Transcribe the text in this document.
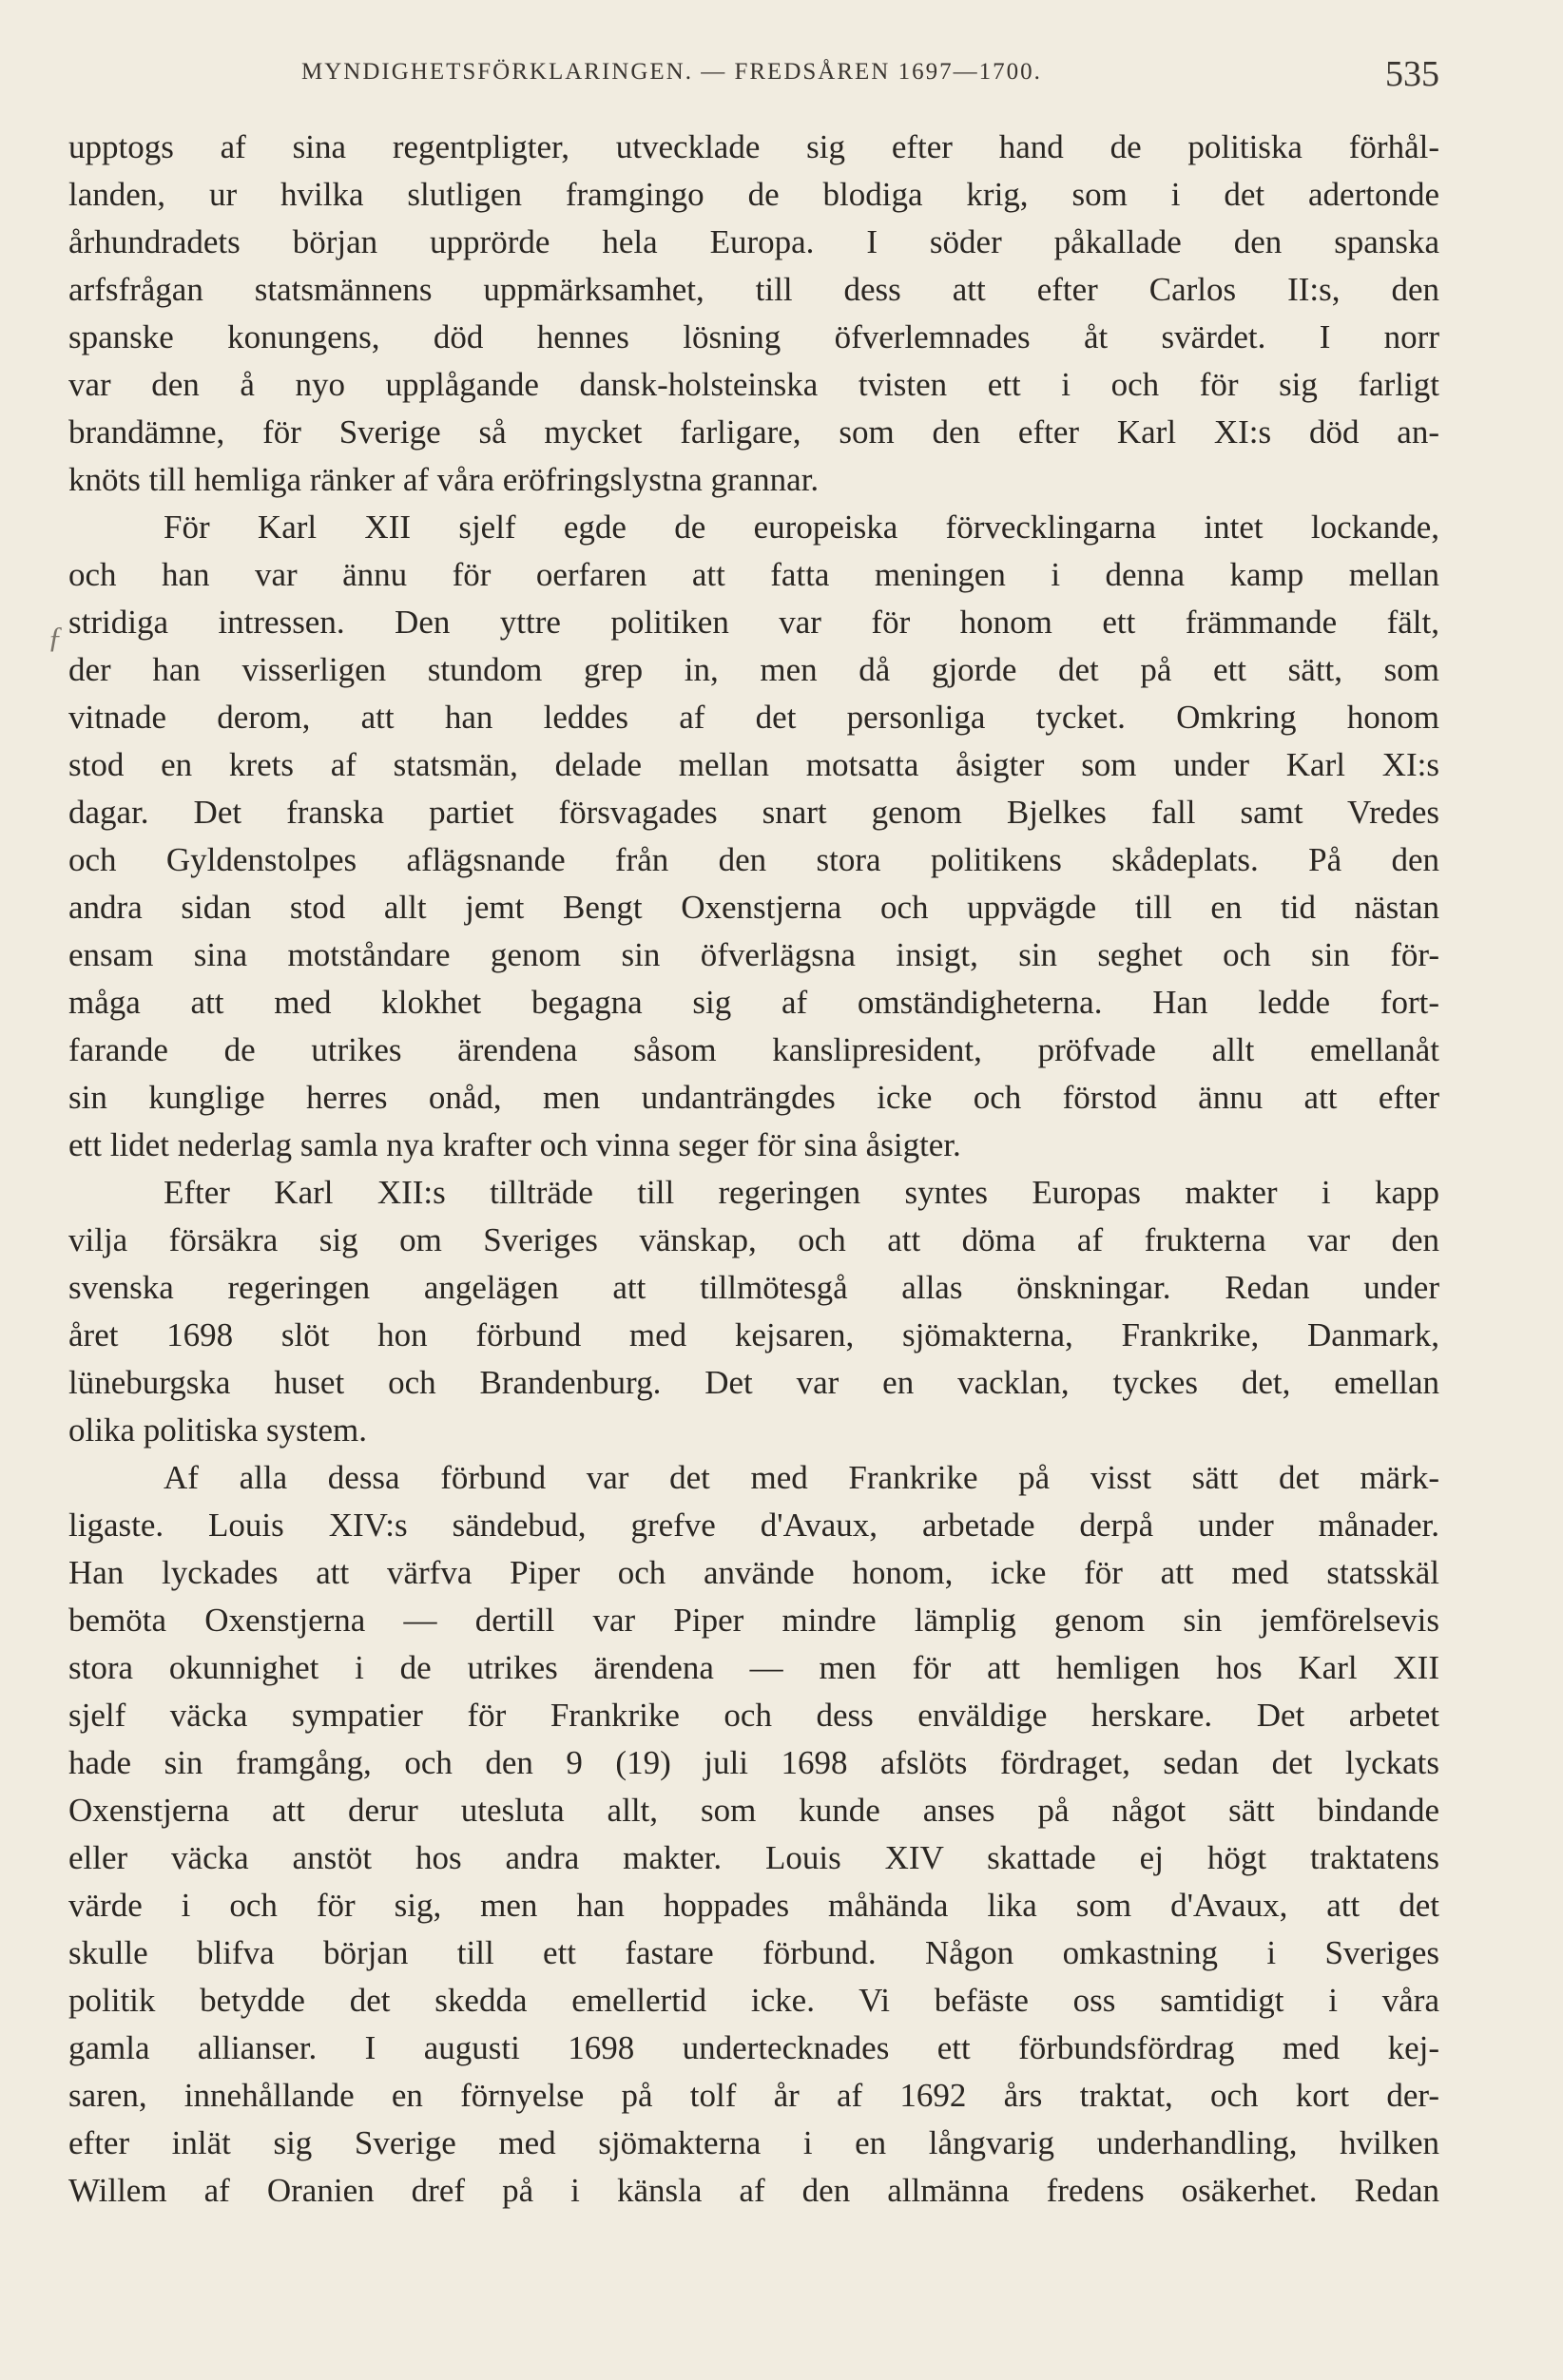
MYNDIGHETSFÖRKLARINGEN. — FREDSÅREN 1697—1700.	535
ƒ
upptogs af sina regentpligter, utvecklade sig efter hand de politiska förhål-
landen, ur hvilka slutligen framgingo de blodiga krig, som i det adertonde
århundradets början upprörde hela Europa. I söder påkallade den spanska
arfsfrågan statsmännens uppmärksamhet, till dess att efter Carlos II:s, den
spanske konungens, död hennes lösning öfverlemnades åt svärdet. I norr
var den å nyo upplågande dansk-holsteinska tvisten ett i och för sig farligt
brandämne, för Sverige så mycket farligare, som den efter Karl XI:s död an-
knöts till hemliga ränker af våra eröfringslystna grannar.
För Karl XII sjelf egde de europeiska förvecklingarna intet lockande,
och han var ännu för oerfaren att fatta meningen i denna kamp mellan
stridiga intressen. Den yttre politiken var för honom ett främmande fält,
der han visserligen stundom grep in, men då gjorde det på ett sätt, som
vitnade derom, att han leddes af det personliga tycket. Omkring honom
stod en krets af statsmän, delade mellan motsatta åsigter som under Karl XI:s
dagar. Det franska partiet försvagades snart genom Bjelkes fall samt Vredes
och Gyldenstolpes aflägsnande från den stora politikens skådeplats. På den
andra sidan stod allt jemt Bengt Oxenstjerna och uppvägde till en tid nästan
ensam sina motståndare genom sin öfverlägsna insigt, sin seghet och sin för-
måga att med klokhet begagna sig af omständigheterna. Han ledde fort-
farande de utrikes ärendena såsom kanslipresident, pröfvade allt emellanåt
sin kunglige herres onåd, men undanträngdes icke och förstod ännu att efter
ett lidet nederlag samla nya krafter och vinna seger för sina åsigter.
Efter Karl XII:s tillträde till regeringen syntes Europas makter i kapp
vilja försäkra sig om Sveriges vänskap, och att döma af frukterna var den
svenska regeringen angelägen att tillmötesgå allas önskningar. Redan under
året 1698 slöt hon förbund med kejsaren, sjömakterna, Frankrike, Danmark,
lüneburgska huset och Brandenburg. Det var en vacklan, tyckes det, emellan
olika politiska system.
Af alla dessa förbund var det med Frankrike på visst sätt det märk-
ligaste. Louis XIV:s sändebud, grefve d'Avaux, arbetade derpå under månader.
Han lyckades att värfva Piper och använde honom, icke för att med statsskäl
bemöta Oxenstjerna — dertill var Piper mindre lämplig genom sin jemförelsevis
stora okunnighet i de utrikes ärendena — men för att hemligen hos Karl XII
sjelf väcka sympatier för Frankrike och dess enväldige herskare. Det arbetet
hade sin framgång, och den 9 (19) juli 1698 afslöts fördraget, sedan det lyckats
Oxenstjerna att derur utesluta allt, som kunde anses på något sätt bindande
eller väcka anstöt hos andra makter. Louis XIV skattade ej högt traktatens
värde i och för sig, men han hoppades måhända lika som d'Avaux, att det
skulle blifva början till ett fastare förbund. Någon omkastning i Sveriges
politik betydde det skedda emellertid icke. Vi befäste oss samtidigt i våra
gamla allianser. I augusti 1698 undertecknades ett förbundsfördrag med kej-
saren, innehållande en förnyelse på tolf år af 1692 års traktat, och kort der-
efter inlät sig Sverige med sjömakterna i en långvarig underhandling, hvilken
Willem af Oranien dref på i känsla af den allmänna fredens osäkerhet. Redan
